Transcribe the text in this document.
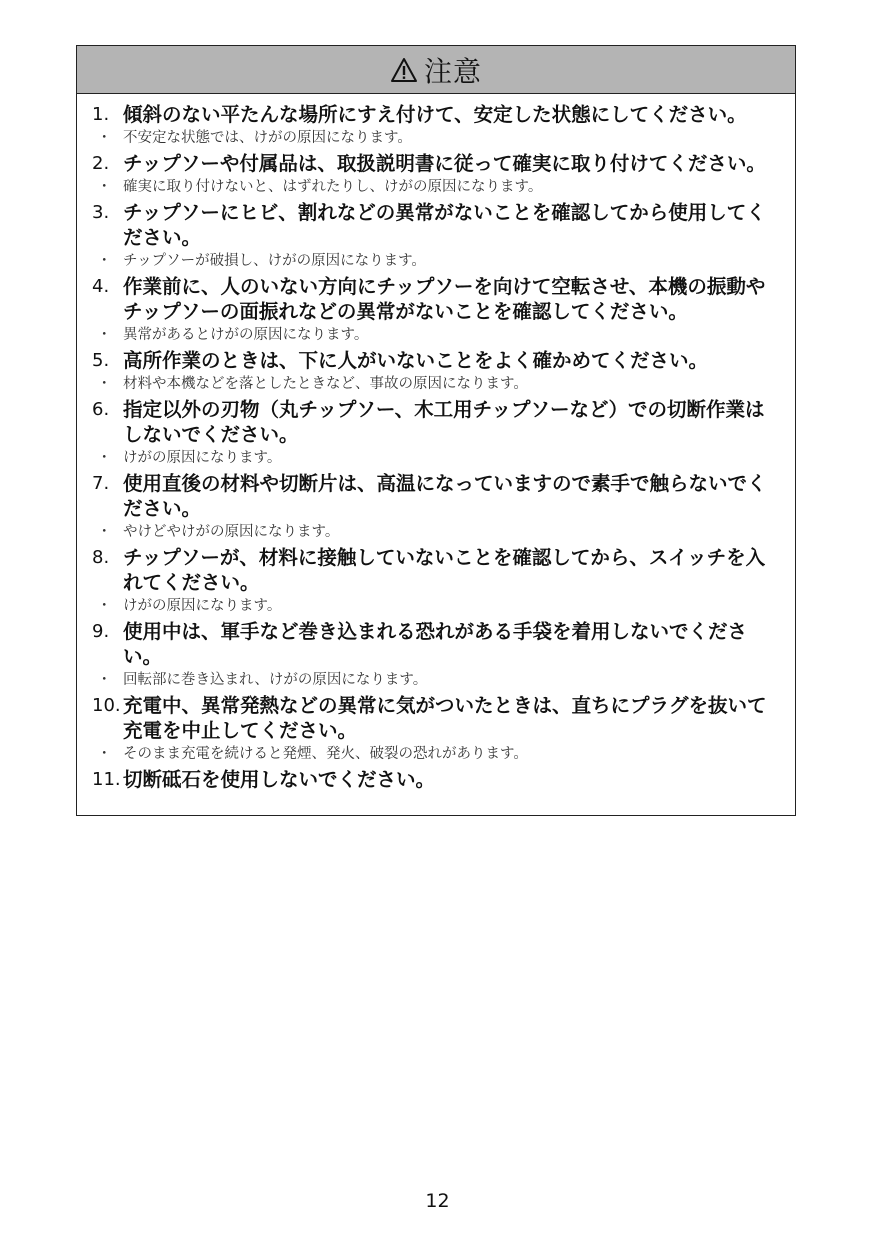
注意
1. 傾斜のない平たんな場所にすえ付けて、安定した状態にしてください。
・ 不安定な状態では、けがの原因になります。
2. チップソーや付属品は、取扱説明書に従って確実に取り付けてください。
・ 確実に取り付けないと、はずれたりし、けがの原因になります。
3. チップソーにヒビ、割れなどの異常がないことを確認してから使用してください。
・ チップソーが破損し、けがの原因になります。
4. 作業前に、人のいない方向にチップソーを向けて空転させ、本機の振動やチップソーの面振れなどの異常がないことを確認してください。
・ 異常があるとけがの原因になります。
5. 高所作業のときは、下に人がいないことをよく確かめてください。
・ 材料や本機などを落としたときなど、事故の原因になります。
6. 指定以外の刃物（丸チップソー、木工用チップソーなど）での切断作業はしないでください。
・ けがの原因になります。
7. 使用直後の材料や切断片は、高温になっていますので素手で触らないでください。
・ やけどやけがの原因になります。
8. チップソーが、材料に接触していないことを確認してから、スイッチを入れてください。
・ けがの原因になります。
9. 使用中は、軍手など巻き込まれる恐れがある手袋を着用しないでください。
・ 回転部に巻き込まれ、けがの原因になります。
10. 充電中、異常発熱などの異常に気がついたときは、直ちにプラグを抜いて充電を中止してください。
・ そのまま充電を続けると発煙、発火、破裂の恐れがあります。
11. 切断砥石を使用しないでください。
12
